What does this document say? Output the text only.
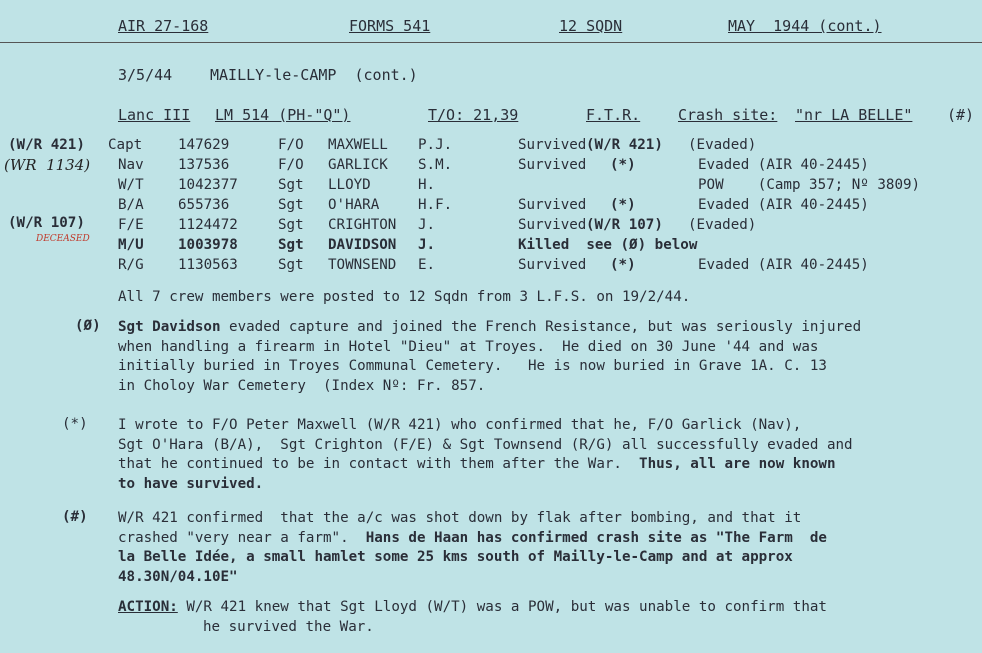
AIR 27-168	FORMS 541	12 SQDN	MAY  1944 (cont.)
3/5/44	MAILLY-le-CAMP  (cont.)
Lanc III LM 514 (PH-"Q")	T/O: 21,39	F.T.R.	Crash site: "nr LA BELLE" (#)
(W/R 421)
(WR  1134)
(W/R 107)
DECEASED
Capt	147629	F/O MAXWELL P.J.	Survived (W/R 421) (Evaded)
Nav 137536	F/O GARLICK S.M.	Survived (*)	Evaded (AIR 40-2445)
W/T 1042377	Sgt LLOYD	H.	POW    (Camp 357; Nº 3809)
B/A 655736	Sgt O'HARA	H.F.	Survived (*)	Evaded (AIR 40-2445)
F/E 1124472	Sgt CRIGHTON J.	Survived (W/R 107) (Evaded)
M/U 1003978	Sgt DAVIDSON J.	Killed  see (Ø) below
R/G 1130563	Sgt TOWNSEND E.	Survived (*)	Evaded (AIR 40-2445)
All 7 crew members were posted to 12 Sqdn from 3 L.F.S. on 19/2/44.
(Ø) Sgt Davidson evaded capture and joined the French Resistance, but was seriously injured
when handling a firearm in Hotel "Dieu" at Troyes.  He died on 30 June '44 and was
initially buried in Troyes Communal Cemetery.   He is now buried in Grave 1A. C. 13
in Choloy War Cemetery  (Index Nº: Fr. 857.
(*) I wrote to F/O Peter Maxwell (W/R 421) who confirmed that he, F/O Garlick (Nav),
Sgt O'Hara (B/A),  Sgt Crighton (F/E) & Sgt Townsend (R/G) all successfully evaded and
that he continued to be in contact with them after the War.  Thus, all are now known
to have survived.
(#) W/R 421 confirmed  that the a/c was shot down by flak after bombing, and that it
crashed "very near a farm".  Hans de Haan has confirmed crash site as "The Farm  de
la Belle Idée, a small hamlet some 25 kms south of Mailly-le-Camp and at approx
48.30N/04.10E"
ACTION: W/R 421 knew that Sgt Lloyd (W/T) was a POW, but was unable to confirm that
he survived the War.
